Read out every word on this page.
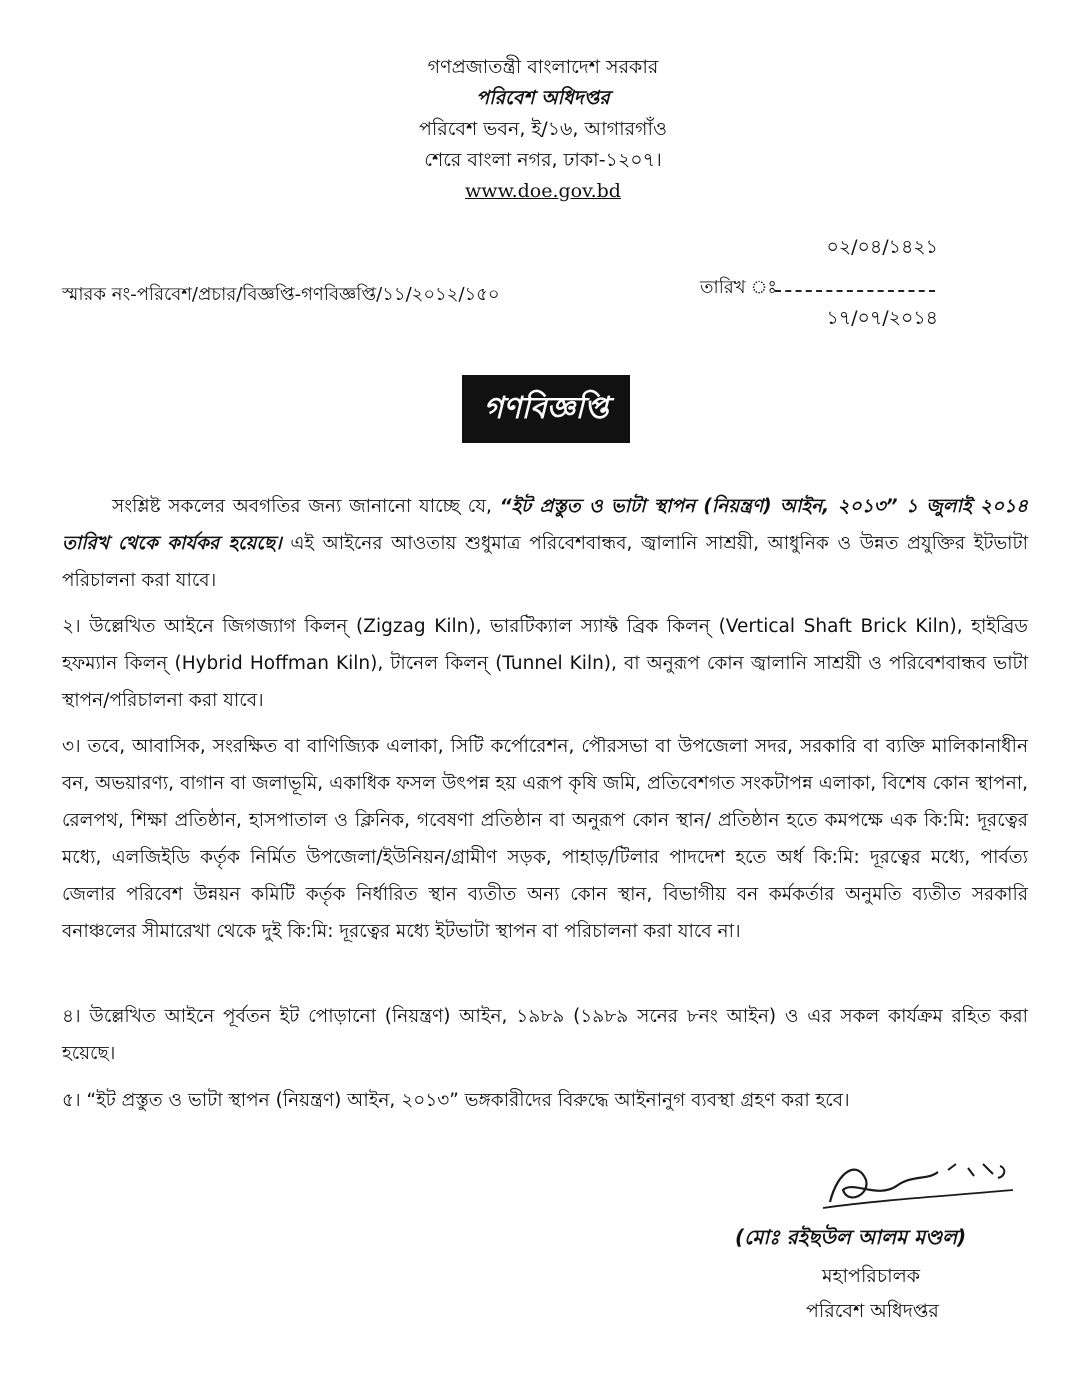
গণপ্রজাতন্ত্রী বাংলাদেশ সরকার
পরিবেশ অধিদপ্তর
পরিবেশ ভবন, ই/১৬, আগারগাঁও
শেরে বাংলা নগর, ঢাকা-১২০৭।
www.doe.gov.bd
০২/০৪/১৪২১
স্মারক নং-পরিবেশ/প্রচার/বিজ্ঞপ্তি-গণবিজ্ঞপ্তি/১১/২০১২/১৫০	তারিখ ঃ
১৭/০৭/২০১৪
গণবিজ্ঞপ্তি
সংশ্লিষ্ট সকলের অবগতির জন্য জানানো যাচ্ছে যে, “ইট প্রস্তুত ও ভাটা স্থাপন (নিয়ন্ত্রণ) আইন, ২০১৩” ১ জুলাই ২০১৪ তারিখ থেকে কার্যকর হয়েছে। এই আইনের আওতায় শুধুমাত্র পরিবেশবান্ধব, জ্বালানি সাশ্রয়ী, আধুনিক ও উন্নত প্রযুক্তির ইটভাটা পরিচালনা করা যাবে।
২। উল্লেখিত আইনে জিগজ্যাগ কিলন্ (Zigzag Kiln), ভারটিক্যাল স্যাফ্ট ব্রিক কিলন্ (Vertical Shaft Brick Kiln), হাইব্রিড হফম্যান কিলন্ (Hybrid Hoffman Kiln), টানেল কিলন্ (Tunnel Kiln), বা অনুরূপ কোন জ্বালানি সাশ্রয়ী ও পরিবেশবান্ধব ভাটা স্থাপন/পরিচালনা করা যাবে।
৩। তবে, আবাসিক, সংরক্ষিত বা বাণিজ্যিক এলাকা, সিটি কর্পোরেশন, পৌরসভা বা উপজেলা সদর, সরকারি বা ব্যক্তি মালিকানাধীন বন, অভয়ারণ্য, বাগান বা জলাভূমি, একাধিক ফসল উৎপন্ন হয় এরূপ কৃষি জমি, প্রতিবেশগত সংকটাপন্ন এলাকা, বিশেষ কোন স্থাপনা, রেলপথ, শিক্ষা প্রতিষ্ঠান, হাসপাতাল ও ক্লিনিক, গবেষণা প্রতিষ্ঠান বা অনুরূপ কোন স্থান/ প্রতিষ্ঠান হতে কমপক্ষে এক কি:মি: দূরত্বের মধ্যে, এলজিইডি কর্তৃক নির্মিত উপজেলা/ইউনিয়ন/গ্রামীণ সড়ক, পাহাড়/টিলার পাদদেশ হতে অর্ধ কি:মি: দূরত্বের মধ্যে, পার্বত্য জেলার পরিবেশ উন্নয়ন কমিটি কর্তৃক নির্ধারিত স্থান ব্যতীত অন্য কোন স্থান, বিভাগীয় বন কর্মকর্তার অনুমতি ব্যতীত সরকারি বনাঞ্চলের সীমারেখা থেকে দুই কি:মি: দূরত্বের মধ্যে ইটভাটা স্থাপন বা পরিচালনা করা যাবে না।
৪। উল্লেখিত আইনে পূর্বতন ইট পোড়ানো (নিয়ন্ত্রণ) আইন, ১৯৮৯ (১৯৮৯ সনের ৮নং আইন) ও এর সকল কার্যক্রম রহিত করা হয়েছে।
৫। “ইট প্রস্তুত ও ভাটা স্থাপন (নিয়ন্ত্রণ) আইন, ২০১৩” ভঙ্গকারীদের বিরুদ্ধে আইনানুগ ব্যবস্থা গ্রহণ করা হবে।
(মোঃ রইছউল আলম মণ্ডল)
মহাপরিচালক
পরিবেশ অধিদপ্তর
